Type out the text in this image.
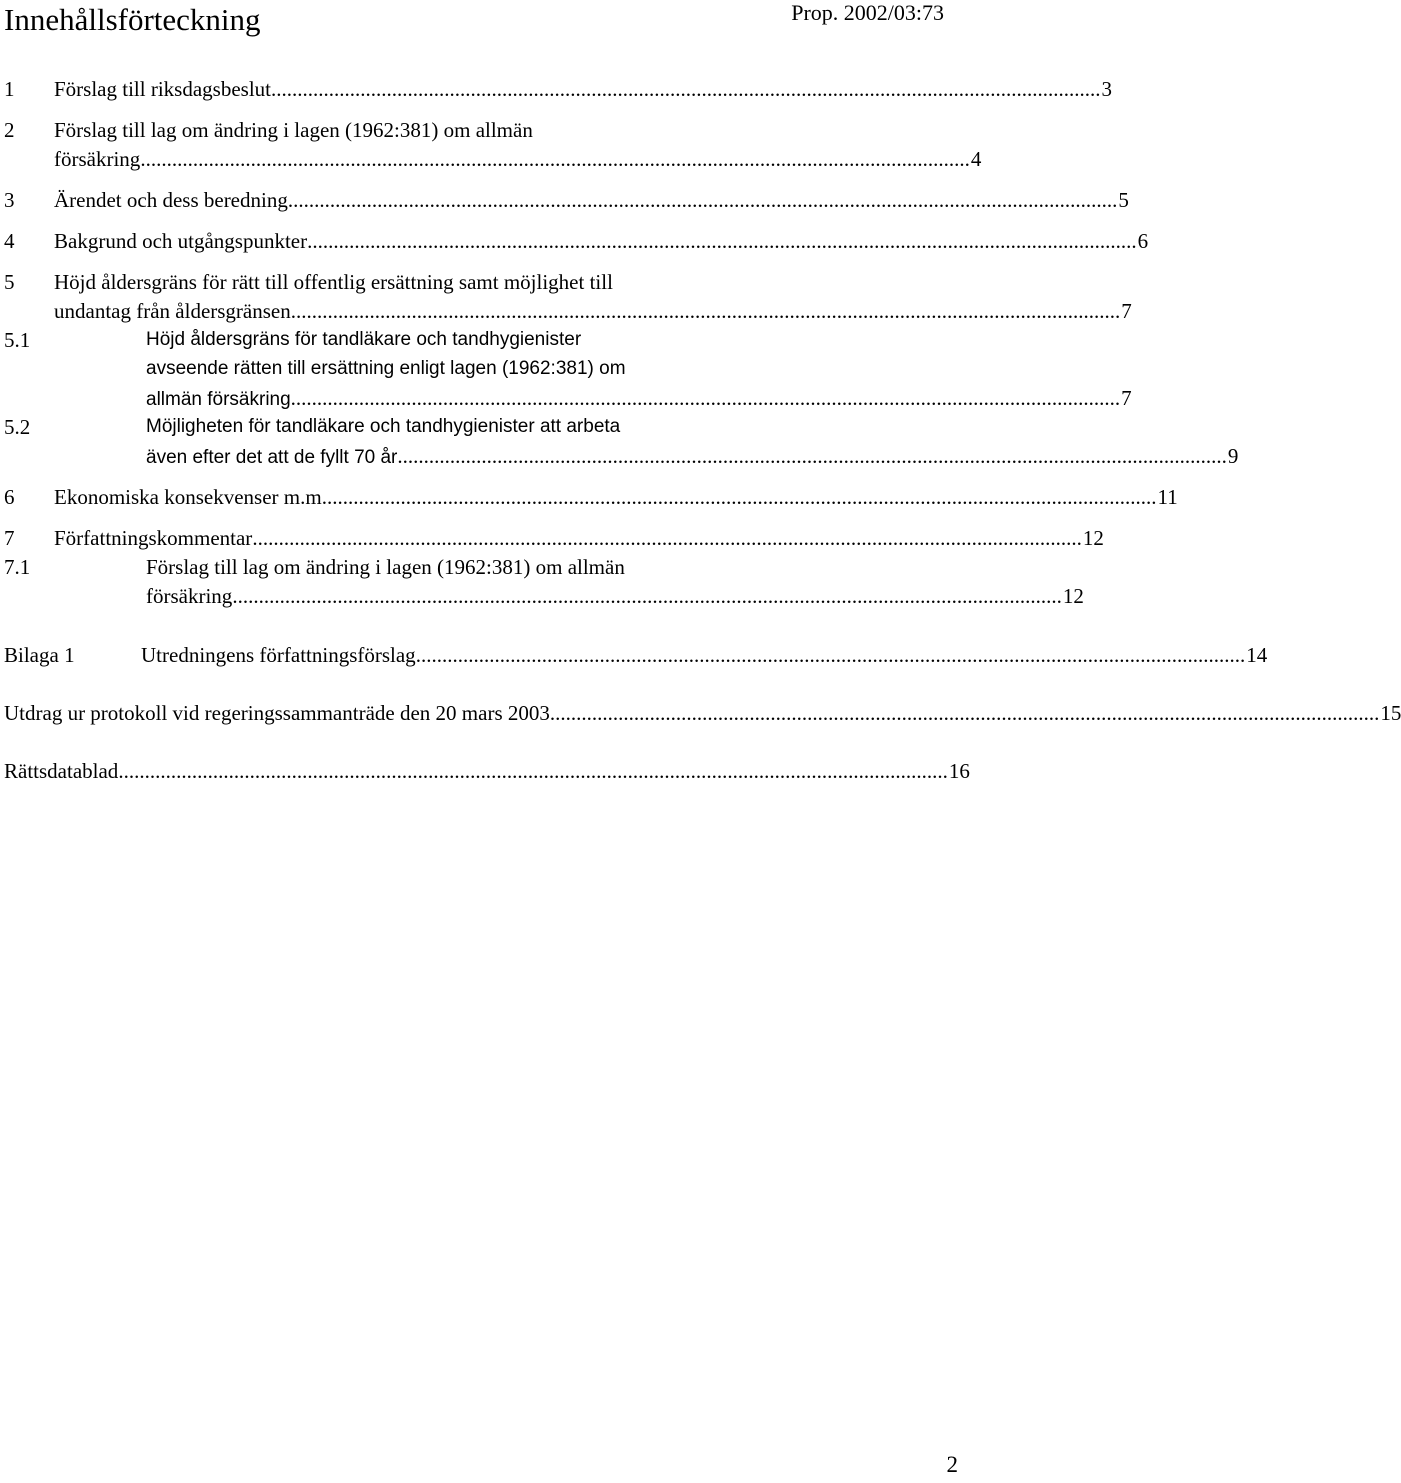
Innehållsförteckning	Prop. 2002/03:73
1 Förslag till riksdagsbeslut .............................................................................................................................................................. 3
2 Förslag till lag om ändring i lagen (1962:381) om allmän
försäkring .............................................................................................................................................................. 4
3 Ärendet och dess beredning .............................................................................................................................................................. 5
4 Bakgrund och utgångspunkter .............................................................................................................................................................. 6
5 Höjd åldersgräns för rätt till offentlig ersättning samt möjlighet till
undantag från åldersgränsen .............................................................................................................................................................. 7
5.1	Höjd åldersgräns för tandläkare och tandhygienister
avseende rätten till ersättning enligt lagen (1962:381) om
allmän försäkring .............................................................................................................................................................. 7
5.2	Möjligheten för tandläkare och tandhygienister att arbeta
även efter det att de fyllt 70 år .............................................................................................................................................................. 9
6 Ekonomiska konsekvenser m.m. .............................................................................................................................................................. 11
7 Författningskommentar .............................................................................................................................................................. 12
7.1	Förslag till lag om ändring i lagen (1962:381) om allmän
försäkring .............................................................................................................................................................. 12
Bilaga 1	Utredningens författningsförslag .............................................................................................................................................................. 14
Utdrag ur protokoll vid regeringssammanträde den 20 mars 2003 .............................................................................................................................................................. 15
Rättsdatablad .............................................................................................................................................................. 16
2
